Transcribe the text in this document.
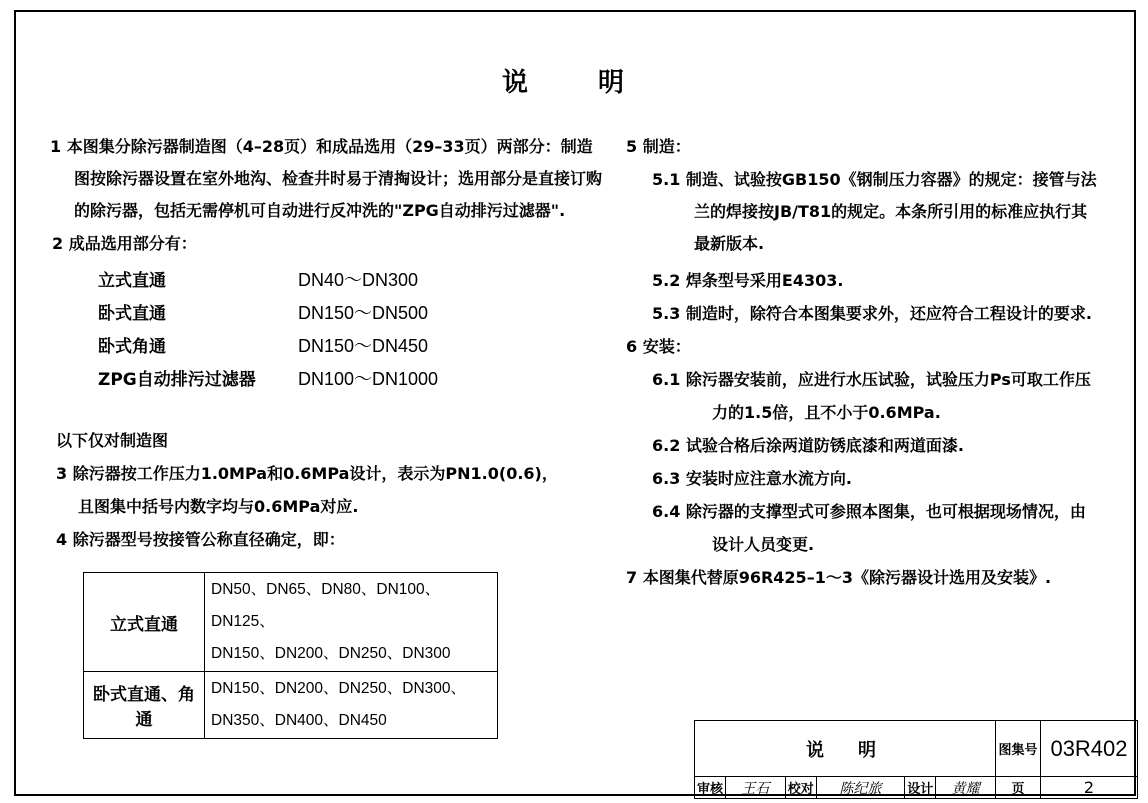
说　明
1 本图集分除污器制造图（4–28页）和成品选用（29–33页）两部分：制造
图按除污器设置在室外地沟、检查井时易于清掏设计；选用部分是直接订购
的除污器，包括无需停机可自动进行反冲洗的"ZPG自动排污过滤器".
2 成品选用部分有：
立式直通	DN40～DN300
卧式直通	DN150～DN500
卧式角通	DN150～DN450
ZPG自动排污过滤器 DN100～DN1000
以下仅对制造图
3 除污器按工作压力1.0MPa和0.6MPa设计，表示为PN1.0(0.6)，
且图集中括号内数字均与0.6MPa对应.
4 除污器型号按接管公称直径确定，即：
立式直通	DN50、DN65、DN80、DN100、DN125、
DN150、DN200、DN250、DN300

卧式直通、角通	DN150、DN200、DN250、DN300、
DN350、DN400、DN450
5 制造：
5.1 制造、试验按GB150《钢制压力容器》的规定：接管与法
兰的焊接按JB/T81的规定。本条所引用的标准应执行其
最新版本.
5.2 焊条型号采用E4303.
5.3 制造时，除符合本图集要求外，还应符合工程设计的要求.
6 安装：
6.1 除污器安装前，应进行水压试验，试验压力Ps可取工作压
力的1.5倍，且不小于0.6MPa.
6.2 试验合格后涂两道防锈底漆和两道面漆.
6.3 安装时应注意水流方向.
6.4 除污器的支撑型式可参照本图集，也可根据现场情况，由
设计人员变更.
7 本图集代替原96R425–1～3《除污器设计选用及安装》.
说　明						图集号	03R402
审核	王石	校对	陈纪旅	设计	黄耀	页	2
